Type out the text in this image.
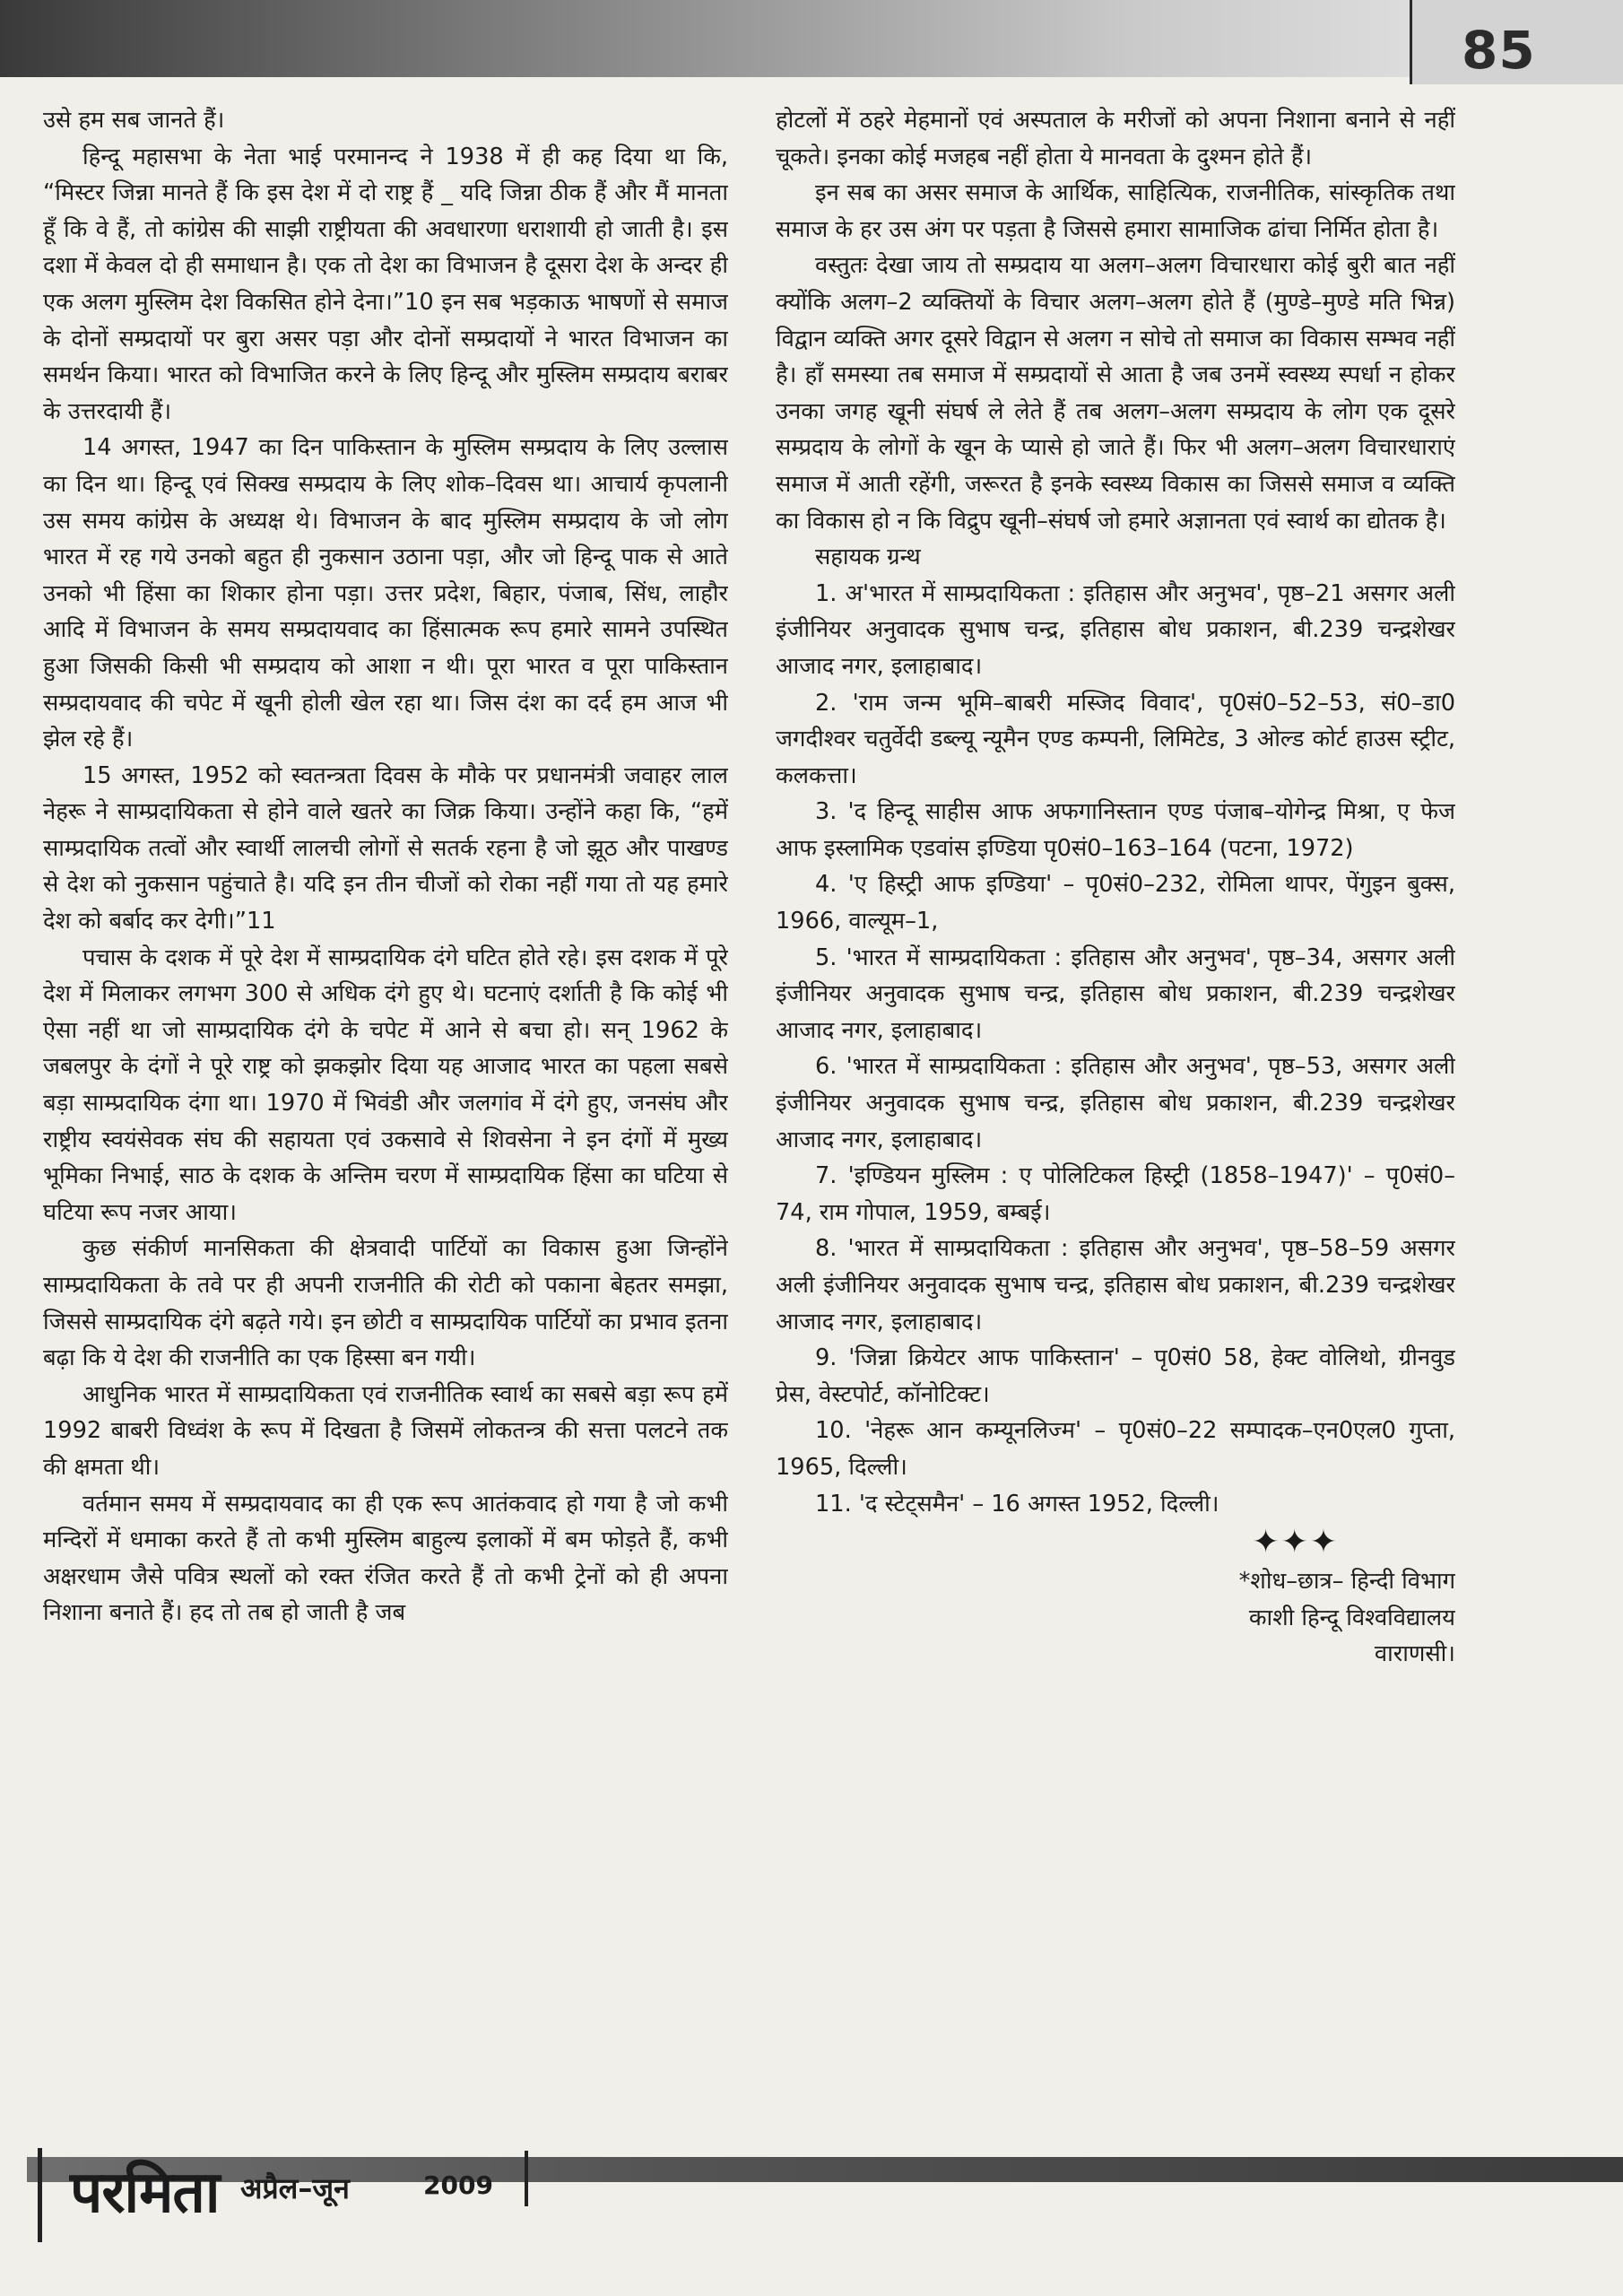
85

उसे हम सब जानते हैं।

हिन्दू महासभा के नेता भाई परमानन्द ने 1938 में ही कह दिया था कि, “मिस्टर जिन्ना मानते हैं कि इस देश में दो राष्ट्र हैं _ यदि जिन्ना ठीक हैं और मैं मानता हूँ कि वे हैं, तो कांग्रेस की साझी राष्ट्रीयता की अवधारणा धराशायी हो जाती है। इस दशा में केवल दो ही समाधान है। एक तो देश का विभाजन है दूसरा देश के अन्दर ही एक अलग मुस्लिम देश विकसित होने देना।”10 इन सब भड़काऊ भाषणों से समाज के दोनों सम्प्रदायों पर बुरा असर पड़ा और दोनों सम्प्रदायों ने भारत विभाजन का समर्थन किया। भारत को विभाजित करने के लिए हिन्दू और मुस्लिम सम्प्रदाय बराबर के उत्तरदायी हैं।

14 अगस्त, 1947 का दिन पाकिस्तान के मुस्लिम सम्प्रदाय के लिए उल्लास का दिन था। हिन्दू एवं सिक्ख सम्प्रदाय के लिए शोक–दिवस था। आचार्य कृपलानी उस समय कांग्रेस के अध्यक्ष थे। विभाजन के बाद मुस्लिम सम्प्रदाय के जो लोग भारत में रह गये उनको बहुत ही नुकसान उठाना पड़ा, और जो हिन्दू पाक से आते उनको भी हिंसा का शिकार होना पड़ा। उत्तर प्रदेश, बिहार, पंजाब, सिंध, लाहौर आदि में विभाजन के समय सम्प्रदायवाद का हिंसात्मक रूप हमारे सामने उपस्थित हुआ जिसकी किसी भी सम्प्रदाय को आशा न थी। पूरा भारत व पूरा पाकिस्तान सम्प्रदायवाद की चपेट में खूनी होली खेल रहा था। जिस दंश का दर्द हम आज भी झेल रहे हैं।

15 अगस्त, 1952 को स्वतन्त्रता दिवस के मौके पर प्रधानमंत्री जवाहर लाल नेहरू ने साम्प्रदायिकता से होने वाले खतरे का जिक्र किया। उन्होंने कहा कि, “हमें साम्प्रदायिक तत्वों और स्वार्थी लालची लोगों से सतर्क रहना है जो झूठ और पाखण्ड से देश को नुकसान पहुंचाते है। यदि इन तीन चीजों को रोका नहीं गया तो यह हमारे देश को बर्बाद कर देगी।”11

पचास के दशक में पूरे देश में साम्प्रदायिक दंगे घटित होते रहे। इस दशक में पूरे देश में मिलाकर लगभग 300 से अधिक दंगे हुए थे। घटनाएं दर्शाती है कि कोई भी ऐसा नहीं था जो साम्प्रदायिक दंगे के चपेट में आने से बचा हो। सन् 1962 के जबलपुर के दंगों ने पूरे राष्ट्र को झकझोर दिया यह आजाद भारत का पहला सबसे बड़ा साम्प्रदायिक दंगा था। 1970 में भिवंडी और जलगांव में दंगे हुए, जनसंघ और राष्ट्रीय स्वयंसेवक संघ की सहायता एवं उकसावे से शिवसेना ने इन दंगों में मुख्य भूमिका निभाई, साठ के दशक के अन्तिम चरण में साम्प्रदायिक हिंसा का घटिया से घटिया रूप नजर आया।

कुछ संकीर्ण मानसिकता की क्षेत्रवादी पार्टियों का विकास हुआ जिन्होंने साम्प्रदायिकता के तवे पर ही अपनी राजनीति की रोटी को पकाना बेहतर समझा, जिससे साम्प्रदायिक दंगे बढ़ते गये। इन छोटी व साम्प्रदायिक पार्टियों का प्रभाव इतना बढ़ा कि ये देश की राजनीति का एक हिस्सा बन गयी।

आधुनिक भारत में साम्प्रदायिकता एवं राजनीतिक स्वार्थ का सबसे बड़ा रूप हमें 1992 बाबरी विध्वंश के रूप में दिखता है जिसमें लोकतन्त्र की सत्ता पलटने तक की क्षमता थी।

वर्तमान समय में सम्प्रदायवाद का ही एक रूप आतंकवाद हो गया है जो कभी मन्दिरों में धमाका करते हैं तो कभी मुस्लिम बाहुल्य इलाकों में बम फोड़ते हैं, कभी अक्षरधाम जैसे पवित्र स्थलों को रक्त रंजित करते हैं तो कभी ट्रेनों को ही अपना निशाना बनाते हैं। हद तो तब हो जाती है जब

होटलों में ठहरे मेहमानों एवं अस्पताल के मरीजों को अपना निशाना बनाने से नहीं चूकते। इनका कोई मजहब नहीं होता ये मानवता के दुश्मन होते हैं।

इन सब का असर समाज के आर्थिक, साहित्यिक, राजनीतिक, सांस्कृतिक तथा समाज के हर उस अंग पर पड़ता है जिससे हमारा सामाजिक ढांचा निर्मित होता है।

वस्तुतः देखा जाय तो सम्प्रदाय या अलग–अलग विचारधारा कोई बुरी बात नहीं क्योंकि अलग–2 व्यक्तियों के विचार अलग–अलग होते हैं (मुण्डे–मुण्डे मति भिन्न) विद्वान व्यक्ति अगर दूसरे विद्वान से अलग न सोचे तो समाज का विकास सम्भव नहीं है। हाँ समस्या तब समाज में सम्प्रदायों से आता है जब उनमें स्वस्थ्य स्पर्धा न होकर उनका जगह खूनी संघर्ष ले लेते हैं तब अलग–अलग सम्प्रदाय के लोग एक दूसरे सम्प्रदाय के लोगों के खून के प्यासे हो जाते हैं। फिर भी अलग–अलग विचारधाराएं समाज में आती रहेंगी, जरूरत है इनके स्वस्थ्य विकास का जिससे समाज व व्यक्ति का विकास हो न कि विद्रुप खूनी–संघर्ष जो हमारे अज्ञानता एवं स्वार्थ का द्योतक है।

सहायक ग्रन्थ

1. अ'भारत में साम्प्रदायिकता : इतिहास और अनुभव', पृष्ठ–21 असगर अली इंजीनियर अनुवादक सुभाष चन्द्र, इतिहास बोध प्रकाशन, बी.239 चन्द्रशेखर आजाद नगर, इलाहाबाद।

2. 'राम जन्म भूमि–बाबरी मस्जिद विवाद', पृ0सं0–52–53, सं0–डा0 जगदीश्वर चतुर्वेदी डब्ल्यू न्यूमैन एण्ड कम्पनी, लिमिटेड, 3 ओल्ड कोर्ट हाउस स्ट्रीट, कलकत्ता।

3. 'द हिन्दू साहीस आफ अफगानिस्तान एण्ड पंजाब–योगेन्द्र मिश्रा, ए फेज आफ इस्लामिक एडवांस इण्डिया पृ0सं0–163–164 (पटना, 1972)

4. 'ए हिस्ट्री आफ इण्डिया' – पृ0सं0–232, रोमिला थापर, पेंगुइन बुक्स, 1966, वाल्यूम–1,

5. 'भारत में साम्प्रदायिकता : इतिहास और अनुभव', पृष्ठ–34, असगर अली इंजीनियर अनुवादक सुभाष चन्द्र, इतिहास बोध प्रकाशन, बी.239 चन्द्रशेखर आजाद नगर, इलाहाबाद।

6. 'भारत में साम्प्रदायिकता : इतिहास और अनुभव', पृष्ठ–53, असगर अली इंजीनियर अनुवादक सुभाष चन्द्र, इतिहास बोध प्रकाशन, बी.239 चन्द्रशेखर आजाद नगर, इलाहाबाद।

7. 'इण्डियन मुस्लिम : ए पोलिटिकल हिस्ट्री (1858–1947)' – पृ0सं0–74, राम गोपाल, 1959, बम्बई।

8. 'भारत में साम्प्रदायिकता : इतिहास और अनुभव', पृष्ठ–58–59 असगर अली इंजीनियर अनुवादक सुभाष चन्द्र, इतिहास बोध प्रकाशन, बी.239 चन्द्रशेखर आजाद नगर, इलाहाबाद।

9. 'जिन्ना क्रियेटर आफ पाकिस्तान' – पृ0सं0 58, हेक्ट वोलिथो, ग्रीनवुड प्रेस, वेस्टपोर्ट, कॉनोटिक्ट।

10. 'नेहरू आन कम्यूनलिज्म' – पृ0सं0–22 सम्पादक–एन0एल0 गुप्ता, 1965, दिल्ली।

11. 'द स्टेट्समैन' – 16 अगस्त 1952, दिल्ली।

✦✦✦

*शोध–छात्र– हिन्दी विभाग

काशी हिन्दू विश्वविद्यालय

वाराणसी।

परमिता अप्रैल–जून	2009
